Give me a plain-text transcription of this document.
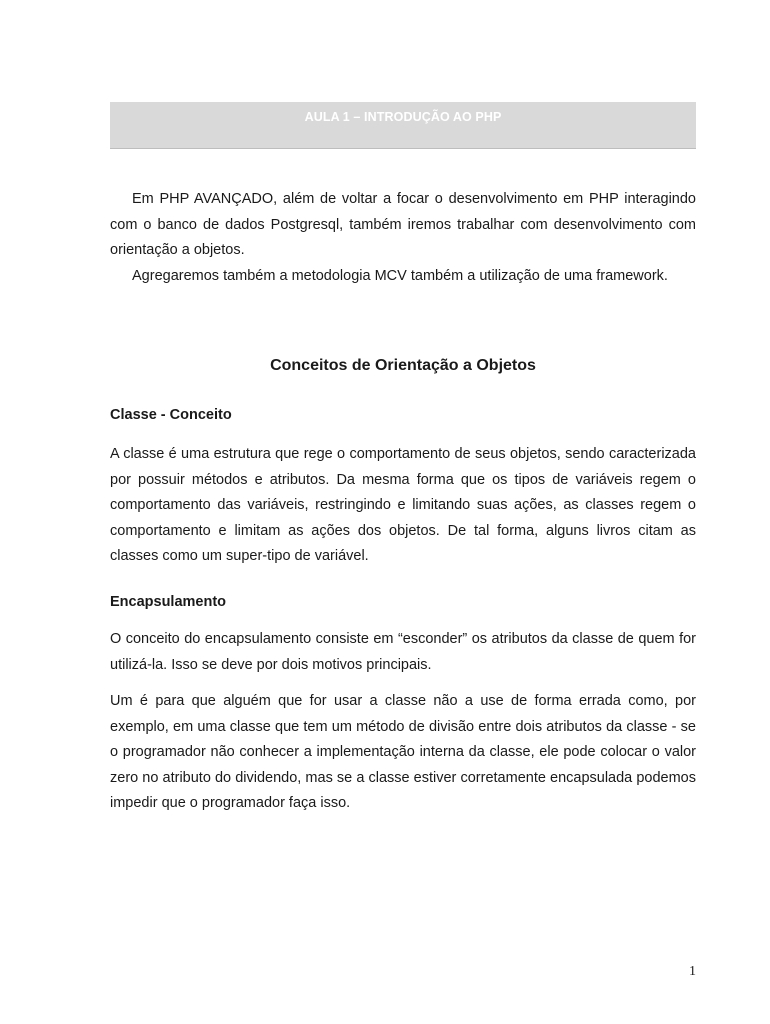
AULA 1 – INTRODUÇÃO AO PHP

Em PHP AVANÇADO, além de voltar a focar o desenvolvimento em PHP interagindo com o banco de dados Postgresql, também iremos trabalhar com desenvolvimento com orientação a objetos.

Agregaremos também a metodologia MCV também a utilização de uma framework.

Conceitos de Orientação a Objetos
Classe - Conceito

A classe é uma estrutura que rege o comportamento de seus objetos, sendo caracterizada por possuir métodos e atributos. Da mesma forma que os tipos de variáveis regem o comportamento das variáveis, restringindo e limitando suas ações, as classes regem o comportamento e limitam as ações dos objetos. De tal forma, alguns livros citam as classes como um super-tipo de variável.

Encapsulamento

O conceito do encapsulamento consiste em “esconder” os atributos da classe de quem for utilizá-la. Isso se deve por dois motivos principais.

Um é para que alguém que for usar a classe não a use de forma errada como, por exemplo, em uma classe que tem um método de divisão entre dois atributos da classe - se o programador não conhecer a implementação interna da classe, ele pode colocar o valor zero no atributo do dividendo, mas se a classe estiver corretamente encapsulada podemos impedir que o programador faça isso.

1
